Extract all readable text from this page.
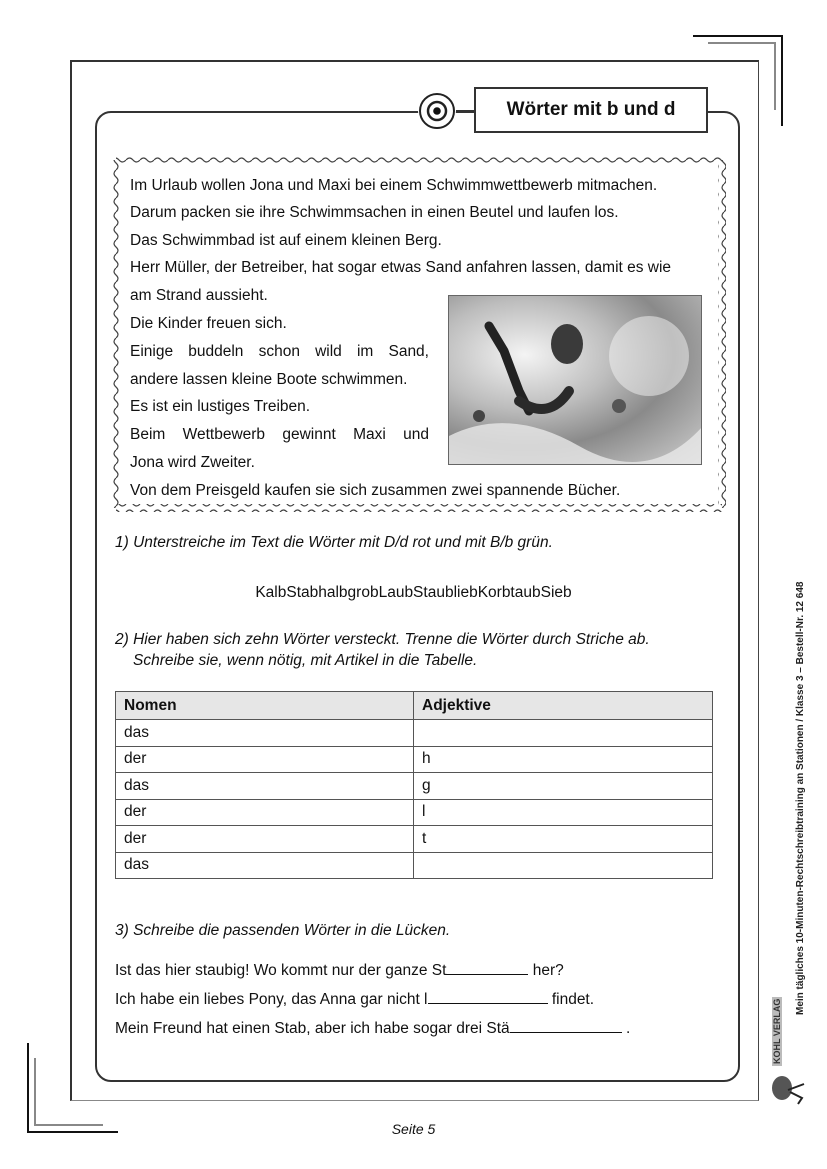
Wörter mit b und d
Im Urlaub wollen Jona und Maxi bei einem Schwimmwettbewerb mitmachen.
Darum packen sie ihre Schwimmsachen in einen Beutel und laufen los.
Das Schwimmbad ist auf einem kleinen Berg.
Herr Müller, der Betreiber, hat sogar etwas Sand anfahren lassen, damit es wie
am Strand aussieht.
Die Kinder freuen sich.
Einige buddeln schon wild im Sand,
andere lassen kleine Boote schwimmen.
Es ist ein lustiges Treiben.
Beim Wettbewerb gewinnt Maxi und
Jona wird Zweiter.
Von dem Preisgeld kaufen sie sich zusammen zwei spannende Bücher.
1) Unterstreiche im Text die Wörter mit D/d rot und mit B/b grün.
KalbStabhalbgrobLaubStaubliebKorbtaubSieb
2) Hier haben sich zehn Wörter versteckt. Trenne die Wörter durch Striche ab.
Schreibe sie, wenn nötig, mit Artikel in die Tabelle.
Nomen	Adjektive
das	
der	h
das	g
der	l
der	t
das	
3) Schreibe die passenden Wörter in die Lücken.
Ist das hier staubig! Wo kommt nur der ganze St	her?
Ich habe ein liebes Pony, das Anna gar nicht l	findet.
Mein Freund hat einen Stab, aber ich habe sogar drei Stä	.
Seite 5
Mein tägliches 10-Minuten-Rechtschreibtraining an Stationen / Klasse 3 – Bestell-Nr. 12 648
KOHL VERLAG
